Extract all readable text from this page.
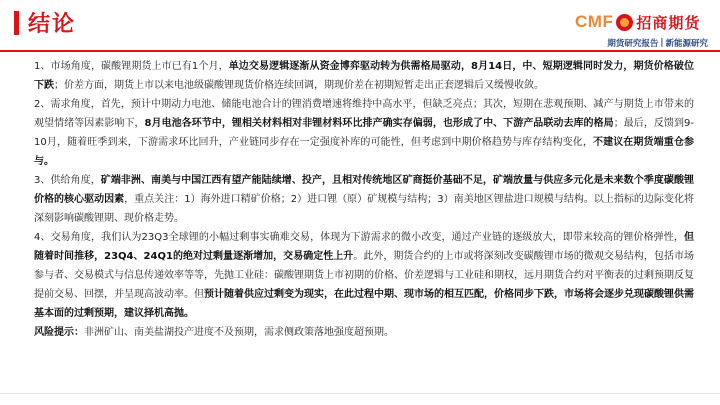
结论	CMF 招商期货
期货研究报告 | 新能源研究

1、市场角度，碳酸锂期货上市已有1个月，单边交易逻辑逐渐从资金博弈驱动转为供需格局驱动，8月14日，中、短期逻辑同时发力，期货价格破位下跌；价差方面，期货上市以来电池级碳酸锂现货价格连续回调，期现价差在初期短暂走出正套逻辑后又缓慢收敛。

2、需求角度，首先，预计中期动力电池、储能电池合计的锂消费增速将维持中高水平，但缺乏亮点；其次，短期在悲观预期、减产与期货上市带来的观望情绪等因素影响下，8月电池各环节中，锂相关材料相对非锂材料环比排产确实存偏弱，也形成了中、下游产品联动去库的格局；最后，反馈到9-10月，随着旺季到来，下游需求环比回升，产业链同步存在一定强度补库的可能性，但考虑到中期价格趋势与库存结构变化，不建议在期货端重仓参与。

3、供给角度，矿端非洲、南美与中国江西有望产能陆续增、投产，且相对传统地区矿商挺价基础不足，矿端放量与供应多元化是未来数个季度碳酸锂价格的核心驱动因素，重点关注：1）海外进口精矿价格；2）进口锂（原）矿规模与结构；3）南美地区锂盐进口规模与结构。以上指标的边际变化将深刻影响碳酸锂期、现价格走势。

4、交易角度，我们认为23Q3全球锂的小幅过剩事实确难交易，体现为下游需求的微小改变，通过产业链的逐级放大，即带来较高的锂价格弹性，但随着时间推移，23Q4、24Q1的绝对过剩量逐渐增加，交易确定性上升。此外，期货合约的上市或将深刻改变碳酸锂市场的微观交易结构，包括市场参与者、交易模式与信息传递效率等等，先抛工业硅：碳酸锂期货上市初期的价格、价差逻辑与工业硅和期权，远月期货合约对平衡表的过剩预期反复提前交易、回摆，并呈现高波动率。但预计随着供应过剩变为现实，在此过程中期、现市场的相互匹配，价格同步下跌，市场将会逐步兑现碳酸锂供需基本面的过剩预期，建议择机高抛。

风险提示：非洲矿山、南美盐湖投产进度不及预期，需求侧政策落地强度超预期。
